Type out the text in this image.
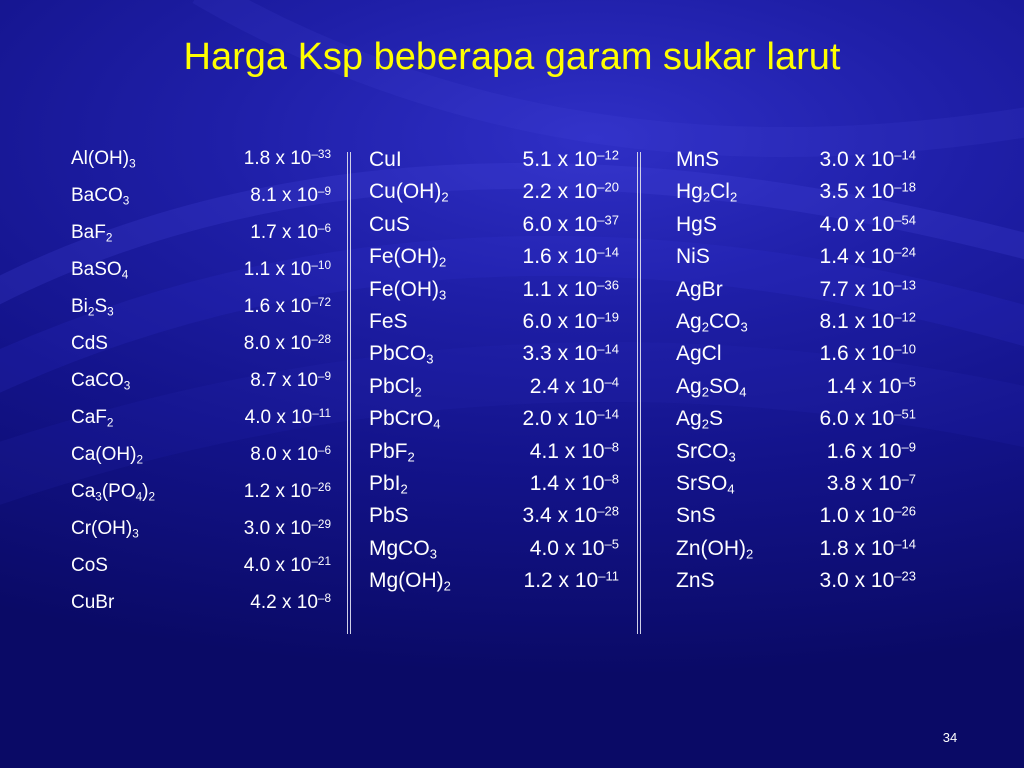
Harga Ksp beberapa garam sukar larut
$Al(OH)_3$	1.8 x $10^{-33}$
BaCO$_3$	8.1 x $10^{-9}$
BaF$_2$	1.7 x $10^{-6}$
BaSO$_4$	1.1 x $10^{-10}$
$Bi_2S_3$	1.6 x $10^{-72}$
CdS	8.0 x $10^{-28}$
CaCO$_3$	8.7 x $10^{-9}$
CaF$_2$	4.0 x $10^{-11}$
$Ca(OH)_2$	8.0 x $10^{-6}$
$Ca_3(PO_4)_2$	1.2 x $10^{-26}$
$Cr(OH)_3$	3.0 x $10^{-29}$
CoS	4.0 x $10^{-21}$
CuBr	4.2 x $10^{-8}$
CuI	5.1 x $10^{-12}$
$Cu(OH)_2$	2.2 x $10^{-20}$
CuS	6.0 x $10^{-37}$
$Fe(OH)_2$	1.6 x $10^{-14}$
$Fe(OH)_3$	1.1 x $10^{-36}$
FeS	6.0 x $10^{-19}$
PbCO$_3$	3.3 x $10^{-14}$
PbCl$_2$	2.4 x $10^{-4}$
PbCrO$_4$	2.0 x $10^{-14}$
PbF$_2$	4.1 x $10^{-8}$
PbI$_2$	1.4 x $10^{-8}$
PbS	3.4 x $10^{-28}$
MgCO$_3$	4.0 x $10^{-5}$
$Mg(OH)_2$	1.2 x $10^{-11}$
MnS	3.0 x $10^{-14}$
$Hg_2Cl_2$	3.5 x $10^{-18}$
HgS	4.0 x $10^{-54}$
NiS	1.4 x $10^{-24}$
AgBr	7.7 x $10^{-13}$
$Ag_2CO_3$	8.1 x $10^{-12}$
AgCl	1.6 x $10^{-10}$
$Ag_2SO_4$	1.4 x $10^{-5}$
$Ag_2S$	6.0 x $10^{-51}$
SrCO$_3$	1.6 x $10^{-9}$
SrSO$_4$	3.8 x $10^{-7}$
SnS	1.0 x $10^{-26}$
$Zn(OH)_2$	1.8 x $10^{-14}$
ZnS	3.0 x $10^{-23}$
34
